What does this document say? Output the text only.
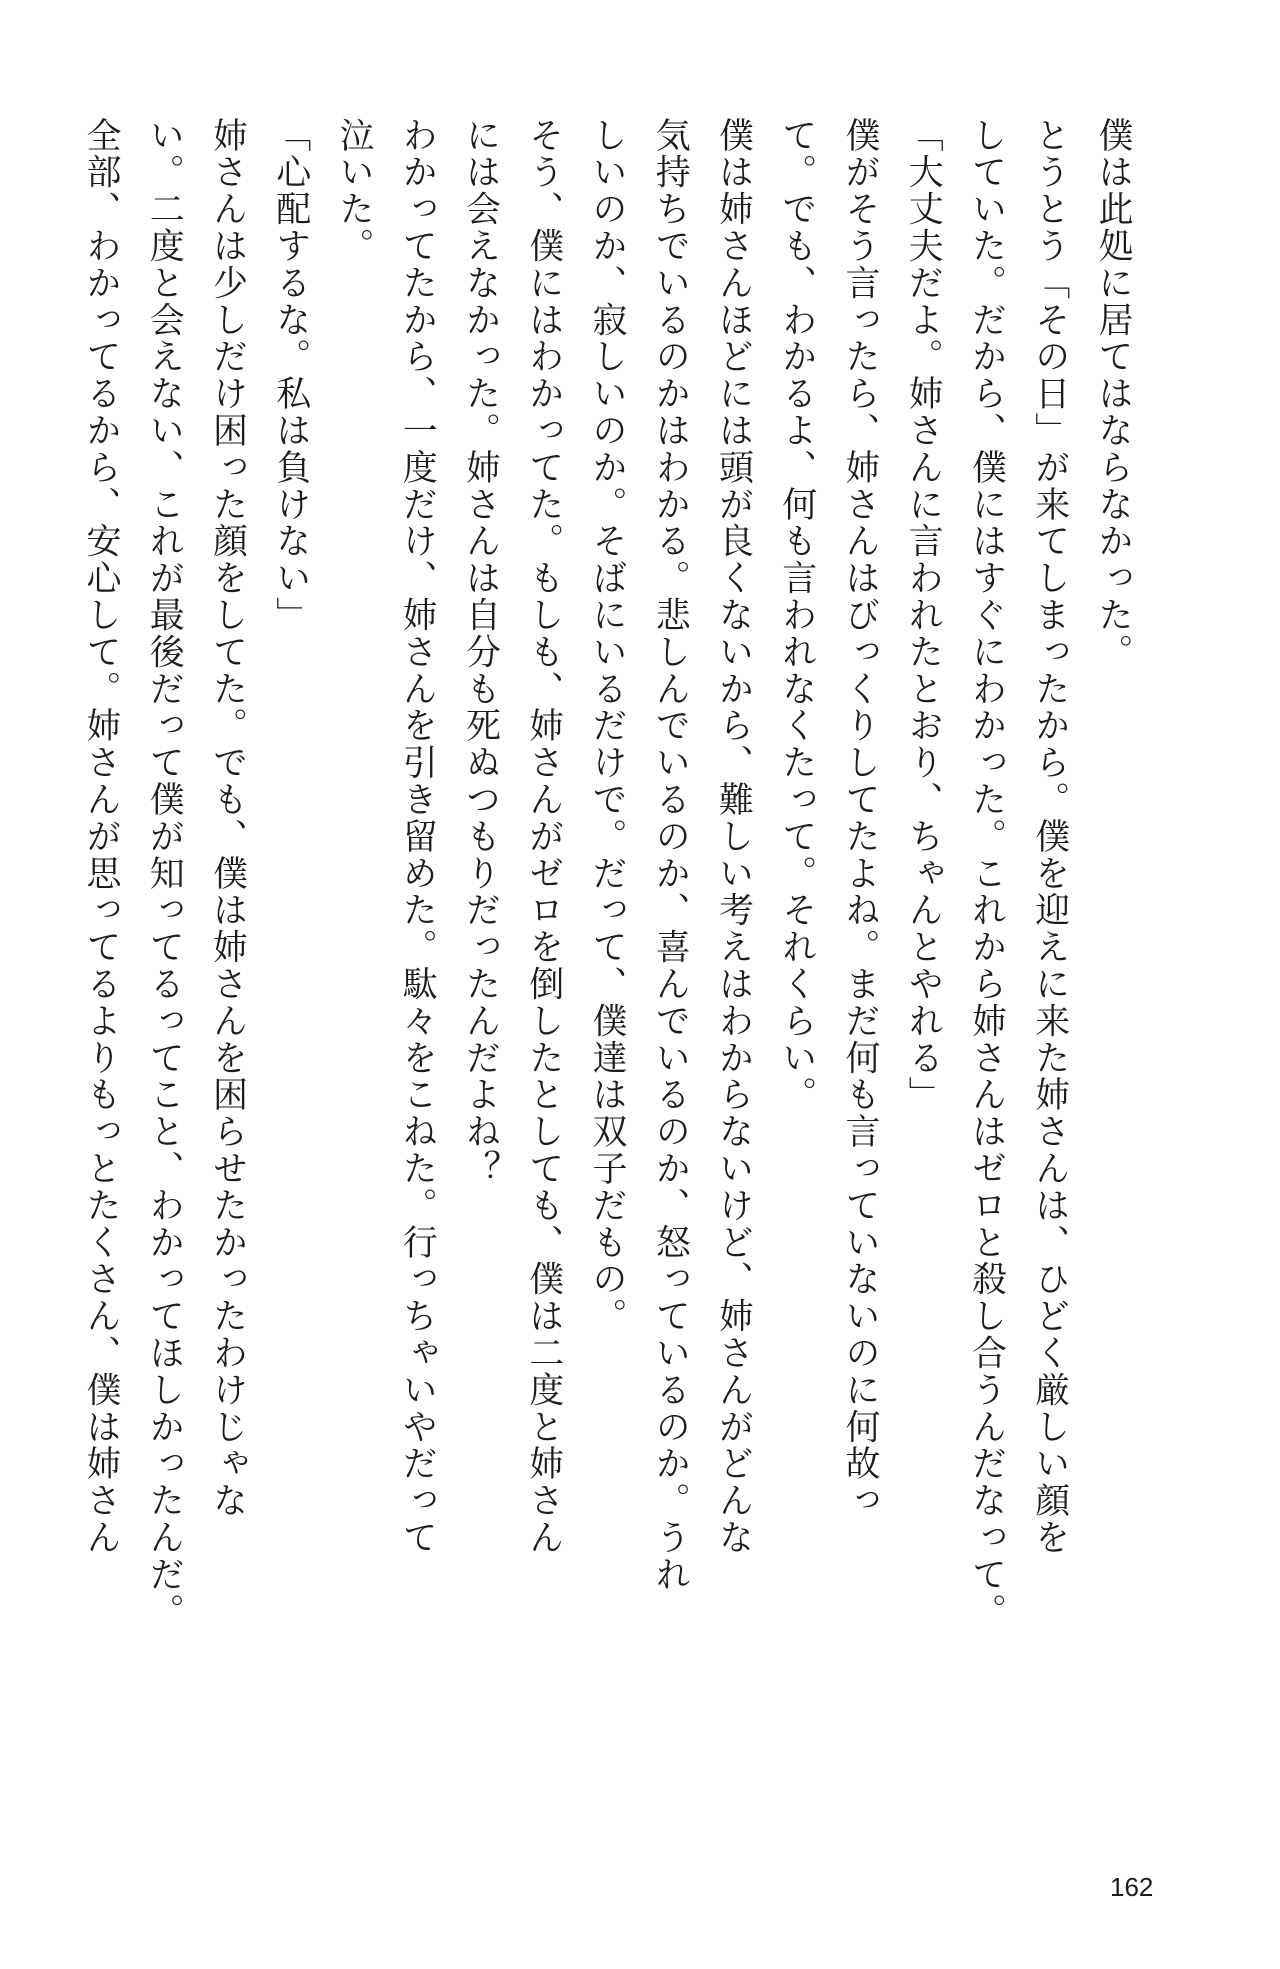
僕は此処に居てはならなかった。
とうとう「その日」が来てしまったから。僕を迎えに来た姉さんは、ひどく厳しい顔を
していた。だから、僕にはすぐにわかった。これから姉さんはゼロと殺し合うんだなって。
「大丈夫だよ。姉さんに言われたとおり、ちゃんとやれる」
僕がそう言ったら、姉さんはびっくりしてたよね。まだ何も言っていないのに何故っ
て。でも、わかるよ、何も言われなくたって。それくらい。
僕は姉さんほどには頭が良くないから、難しい考えはわからないけど、姉さんがどんな
気持ちでいるのかはわかる。悲しんでいるのか、喜んでいるのか、怒っているのか。うれ
しいのか、寂しいのか。そばにいるだけで。だって、僕達は双子だもの。
そう、僕にはわかってた。もしも、姉さんがゼロを倒したとしても、僕は二度と姉さん
には会えなかった。姉さんは自分も死ぬつもりだったんだよね？
わかってたから、一度だけ、姉さんを引き留めた。駄々をこねた。行っちゃいやだって
泣いた。
「心配するな。私は負けない」
姉さんは少しだけ困った顔をしてた。でも、僕は姉さんを困らせたかったわけじゃな
い。二度と会えない、これが最後だって僕が知ってるってこと、わかってほしかったんだ。
全部、わかってるから、安心して。姉さんが思ってるよりもっとたくさん、僕は姉さん
162
